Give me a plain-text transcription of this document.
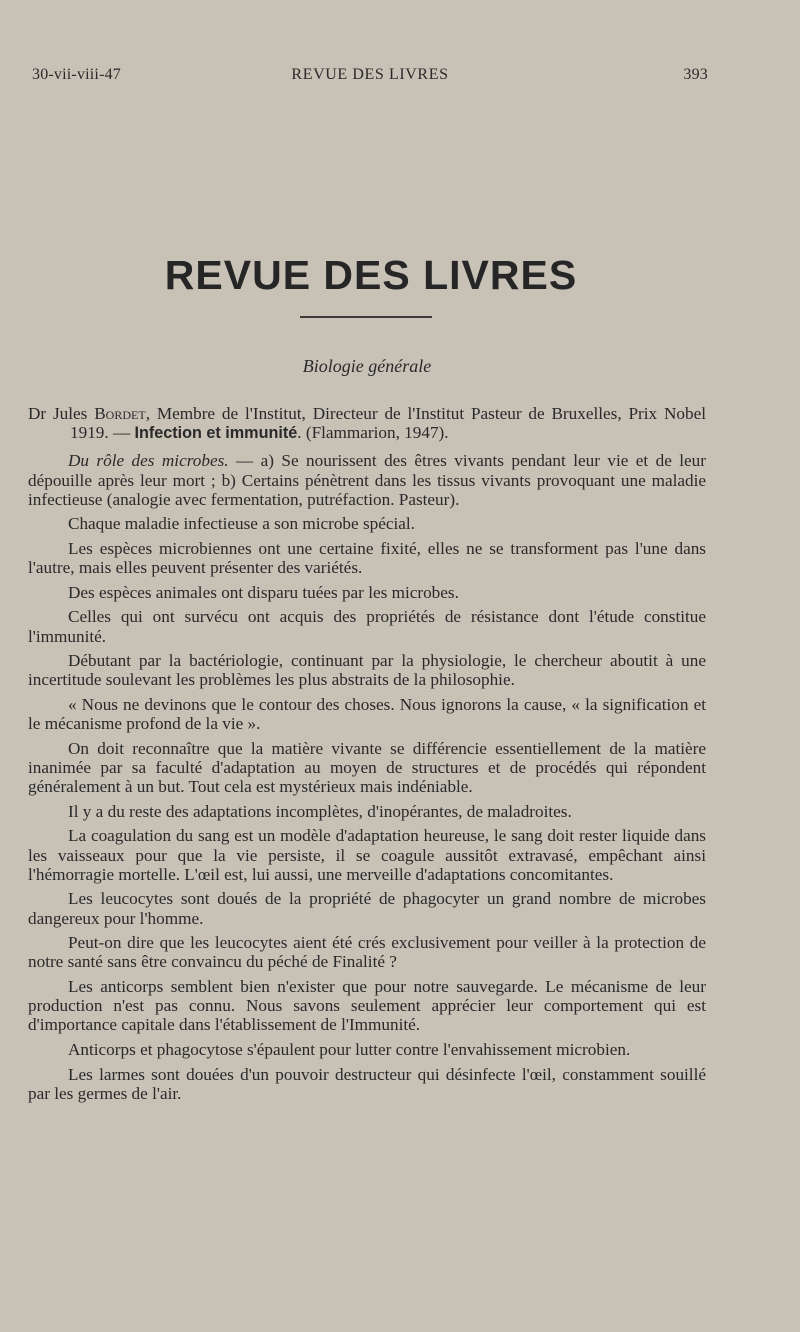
30-vii-viii-47	REVUE DES LIVRES	393
REVUE DES LIVRES
Biologie générale

Dr Jules Bordet, Membre de l'Institut, Directeur de l'Institut Pasteur de Bruxelles, Prix Nobel 1919. — Infection et immunité. (Flammarion, 1947).

Du rôle des microbes. — a) Se nourissent des êtres vivants pendant leur vie et de leur dépouille après leur mort ; b) Certains pénètrent dans les tissus vivants provoquant une maladie infectieuse (analogie avec fermentation, putréfaction. Pasteur).

Chaque maladie infectieuse a son microbe spécial.

Les espèces microbiennes ont une certaine fixité, elles ne se transforment pas l'une dans l'autre, mais elles peuvent présenter des variétés.

Des espèces animales ont disparu tuées par les microbes.

Celles qui ont survécu ont acquis des propriétés de résistance dont l'étude constitue l'immunité.

Débutant par la bactériologie, continuant par la physiologie, le chercheur aboutit à une incertitude soulevant les problèmes les plus abstraits de la philosophie.

« Nous ne devinons que le contour des choses. Nous ignorons la cause, « la signification et le mécanisme profond de la vie ».

On doit reconnaître que la matière vivante se différencie essentiellement de la matière inanimée par sa faculté d'adaptation au moyen de structures et de procédés qui répondent généralement à un but. Tout cela est mystérieux mais indéniable.

Il y a du reste des adaptations incomplètes, d'inopérantes, de maladroites.

La coagulation du sang est un modèle d'adaptation heureuse, le sang doit rester liquide dans les vaisseaux pour que la vie persiste, il se coagule aussitôt extravasé, empêchant ainsi l'hémorragie mortelle. L'œil est, lui aussi, une merveille d'adaptations concomitantes.

Les leucocytes sont doués de la propriété de phagocyter un grand nombre de microbes dangereux pour l'homme.

Peut-on dire que les leucocytes aient été crés exclusivement pour veiller à la protection de notre santé sans être convaincu du péché de Finalité ?

Les anticorps semblent bien n'exister que pour notre sauvegarde. Le mécanisme de leur production n'est pas connu. Nous savons seulement apprécier leur comportement qui est d'importance capitale dans l'établissement de l'Immunité.

Anticorps et phagocytose s'épaulent pour lutter contre l'envahissement microbien.

Les larmes sont douées d'un pouvoir destructeur qui désinfecte l'œil, constamment souillé par les germes de l'air.
